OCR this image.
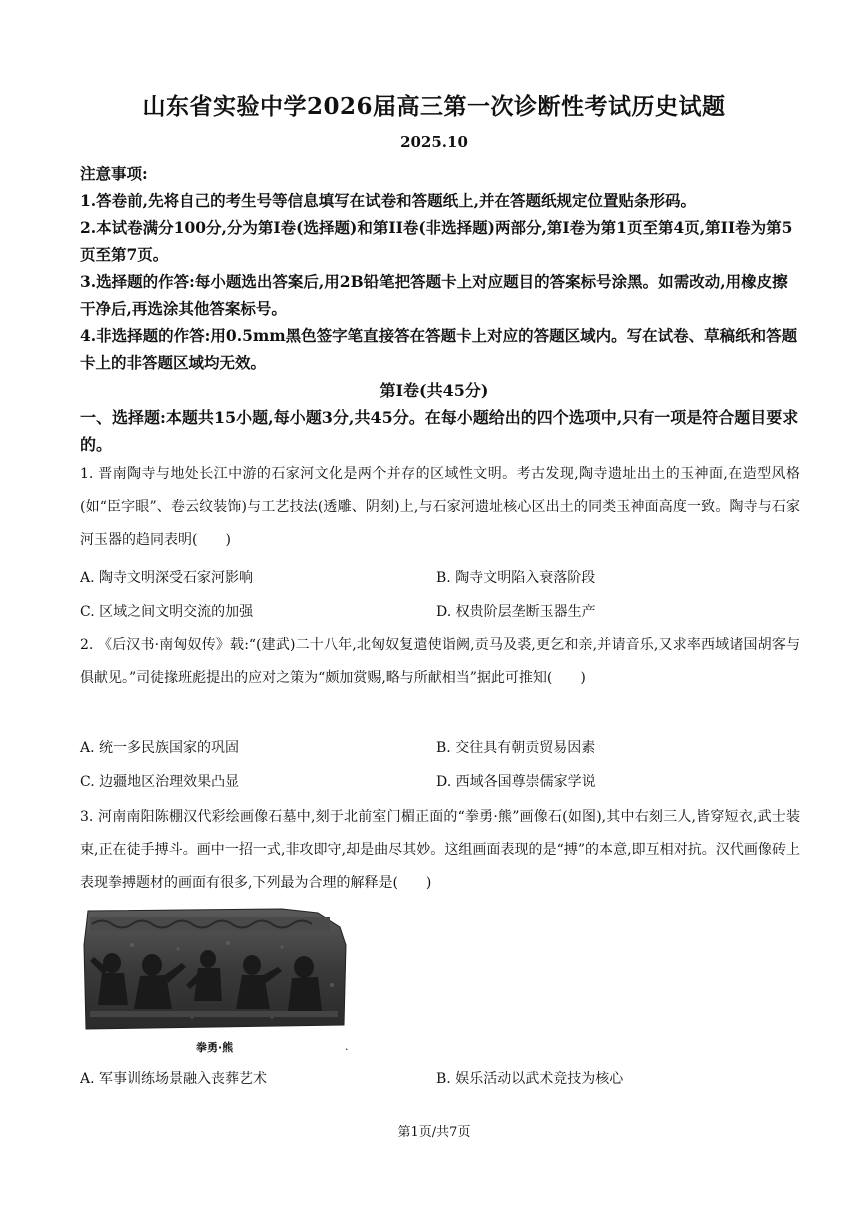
山东省实验中学2026届高三第一次诊断性考试历史试题
2025.10
注意事项:
1.答卷前,先将自己的考生号等信息填写在试卷和答题纸上,并在答题纸规定位置贴条形码。
2.本试卷满分100分,分为第I卷(选择题)和第II卷(非选择题)两部分,第I卷为第1页至第4页,第II卷为第5页至第7页。
3.选择题的作答:每小题选出答案后,用2B铅笔把答题卡上对应题目的答案标号涂黑。如需改动,用橡皮擦干净后,再选涂其他答案标号。
4.非选择题的作答:用0.5mm黑色签字笔直接答在答题卡上对应的答题区域内。写在试卷、草稿纸和答题卡上的非答题区域均无效。
第I卷(共45分)

一、选择题:本题共15小题,每小题3分,共45分。在每小题给出的四个选项中,只有一项是符合题目要求的。

1. 晋南陶寺与地处长江中游的石家河文化是两个并存的区域性文明。考古发现,陶寺遗址出土的玉神面,在造型风格(如“臣字眼”、卷云纹装饰)与工艺技法(透雕、阴刻)上,与石家河遗址核心区出土的同类玉神面高度一致。陶寺与石家河玉器的趋同表明(　　)

A. 陶寺文明深受石家河影响	B. 陶寺文明陷入衰落阶段

C. 区域之间文明交流的加强	D. 权贵阶层垄断玉器生产

2. 《后汉书·南匈奴传》载:“(建武)二十八年,北匈奴复遣使诣阙,贡马及裘,更乞和亲,并请音乐,又求率西域诸国胡客与俱献见。”司徒掾班彪提出的应对之策为“颇加赏赐,略与所献相当”据此可推知(　　)

A. 统一多民族国家的巩固	B. 交往具有朝贡贸易因素

C. 边疆地区治理效果凸显	D. 西域各国尊崇儒家学说

3. 河南南阳陈棚汉代彩绘画像石墓中,刻于北前室门楣正面的“拳勇·熊”画像石(如图),其中右刻三人,皆穿短衣,武士装束,正在徒手搏斗。画中一招一式,非攻即守,却是曲尽其妙。这组画面表现的是“搏”的本意,即互相对抗。汉代画像砖上表现拳搏题材的画面有很多,下列最为合理的解释是(　　)

拳勇·熊	.

A. 军事训练场景融入丧葬艺术	B. 娱乐活动以武术竞技为核心

第1页/共7页
